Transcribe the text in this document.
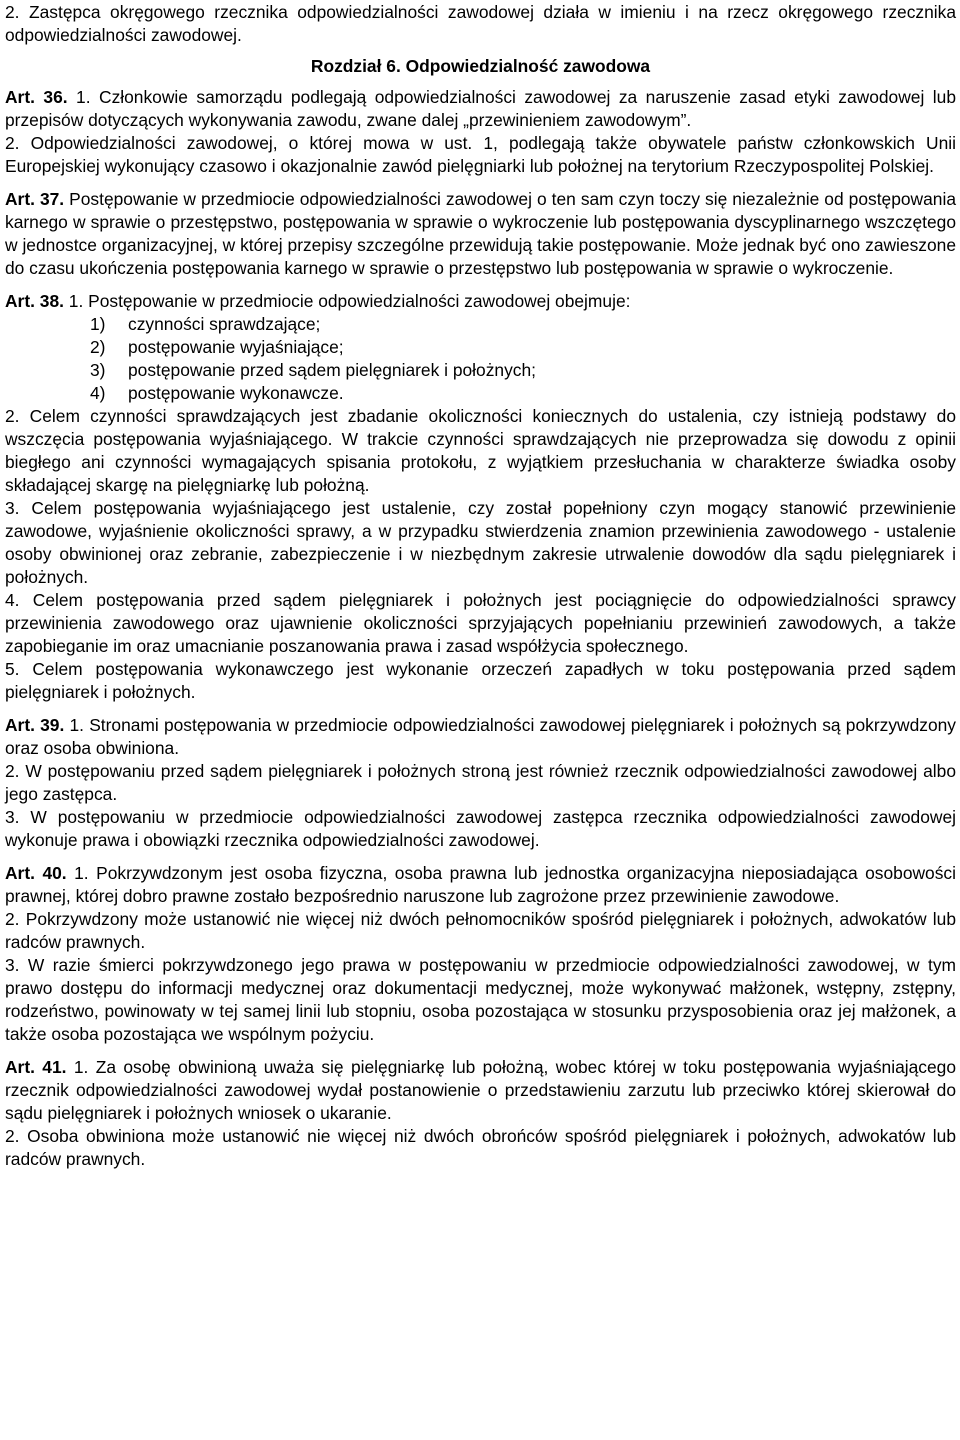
2. Zastępca okręgowego rzecznika odpowiedzialności zawodowej działa w imieniu i na rzecz okręgowego rzecznika odpowiedzialności zawodowej.

Rozdział 6. Odpowiedzialność zawodowa

Art. 36. 1. Członkowie samorządu podlegają odpowiedzialności zawodowej za naruszenie zasad etyki zawodowej lub przepisów dotyczących wykonywania zawodu, zwane dalej „przewinieniem zawodowym”.

2. Odpowiedzialności zawodowej, o której mowa w ust. 1, podlegają także obywatele państw członkowskich Unii Europejskiej wykonujący czasowo i okazjonalnie zawód pielęgniarki lub położnej na terytorium Rzeczypospolitej Polskiej.

Art. 37. Postępowanie w przedmiocie odpowiedzialności zawodowej o ten sam czyn toczy się niezależnie od postępowania karnego w sprawie o przestępstwo, postępowania w sprawie o wykroczenie lub postępowania dyscyplinarnego wszczętego w jednostce organizacyjnej, w której przepisy szczególne przewidują takie postępowanie. Może jednak być ono zawieszone do czasu ukończenia postępowania karnego w sprawie o przestępstwo lub postępowania w sprawie o wykroczenie.

Art. 38. 1. Postępowanie w przedmiocie odpowiedzialności zawodowej obejmuje:

1) czynności sprawdzające;
2) postępowanie wyjaśniające;
3) postępowanie przed sądem pielęgniarek i położnych;
4) postępowanie wykonawcze.

2. Celem czynności sprawdzających jest zbadanie okoliczności koniecznych do ustalenia, czy istnieją podstawy do wszczęcia postępowania wyjaśniającego. W trakcie czynności sprawdzających nie przeprowadza się dowodu z opinii biegłego ani czynności wymagających spisania protokołu, z wyjątkiem przesłuchania w charakterze świadka osoby składającej skargę na pielęgniarkę lub położną.

3. Celem postępowania wyjaśniającego jest ustalenie, czy został popełniony czyn mogący stanowić przewinienie zawodowe, wyjaśnienie okoliczności sprawy, a w przypadku stwierdzenia znamion przewinienia zawodowego - ustalenie osoby obwinionej oraz zebranie, zabezpieczenie i w niezbędnym zakresie utrwalenie dowodów dla sądu pielęgniarek i położnych.

4. Celem postępowania przed sądem pielęgniarek i położnych jest pociągnięcie do odpowiedzialności sprawcy przewinienia zawodowego oraz ujawnienie okoliczności sprzyjających popełnianiu przewinień zawodowych, a także zapobieganie im oraz umacnianie poszanowania prawa i zasad współżycia społecznego.

5. Celem postępowania wykonawczego jest wykonanie orzeczeń zapadłych w toku postępowania przed sądem pielęgniarek i położnych.

Art. 39. 1. Stronami postępowania w przedmiocie odpowiedzialności zawodowej pielęgniarek i położnych są pokrzywdzony oraz osoba obwiniona.

2. W postępowaniu przed sądem pielęgniarek i położnych stroną jest również rzecznik odpowiedzialności zawodowej albo jego zastępca.

3. W postępowaniu w przedmiocie odpowiedzialności zawodowej zastępca rzecznika odpowiedzialności zawodowej wykonuje prawa i obowiązki rzecznika odpowiedzialności zawodowej.

Art. 40. 1. Pokrzywdzonym jest osoba fizyczna, osoba prawna lub jednostka organizacyjna nieposiadająca osobowości prawnej, której dobro prawne zostało bezpośrednio naruszone lub zagrożone przez przewinienie zawodowe.

2. Pokrzywdzony może ustanowić nie więcej niż dwóch pełnomocników spośród pielęgniarek i położnych, adwokatów lub radców prawnych.

3. W razie śmierci pokrzywdzonego jego prawa w postępowaniu w przedmiocie odpowiedzialności zawodowej, w tym prawo dostępu do informacji medycznej oraz dokumentacji medycznej, może wykonywać małżonek, wstępny, zstępny, rodzeństwo, powinowaty w tej samej linii lub stopniu, osoba pozostająca w stosunku przysposobienia oraz jej małżonek, a także osoba pozostająca we wspólnym pożyciu.

Art. 41. 1. Za osobę obwinioną uważa się pielęgniarkę lub położną, wobec której w toku postępowania wyjaśniającego rzecznik odpowiedzialności zawodowej wydał postanowienie o przedstawieniu zarzutu lub przeciwko której skierował do sądu pielęgniarek i położnych wniosek o ukaranie.

2. Osoba obwiniona może ustanowić nie więcej niż dwóch obrońców spośród pielęgniarek i położnych, adwokatów lub radców prawnych.
